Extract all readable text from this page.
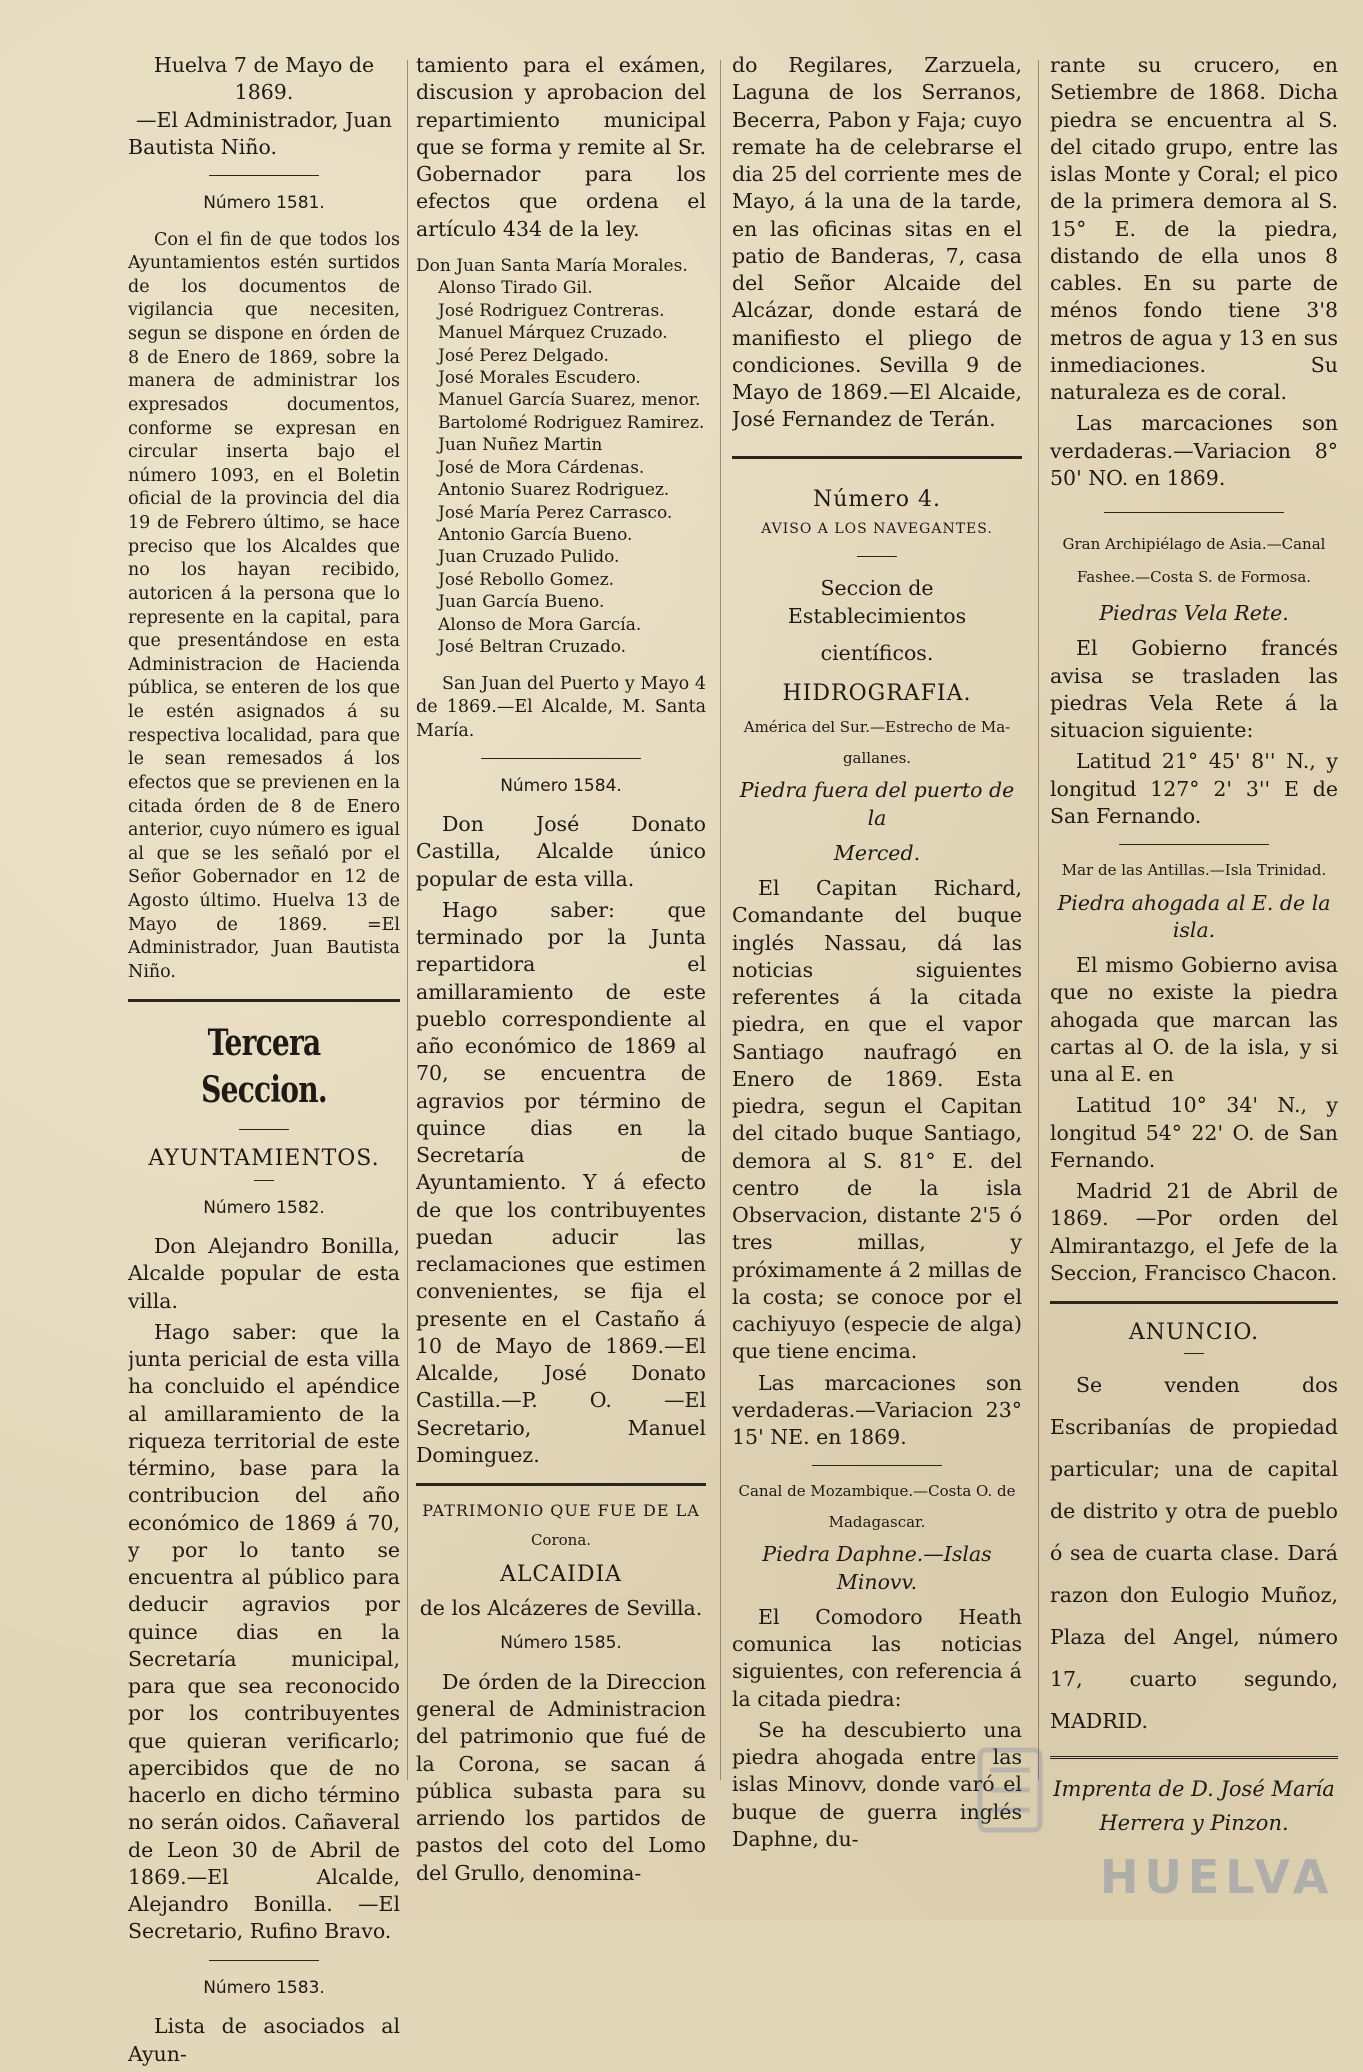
Huelva 7 de Mayo de 1869.

—El Administrador, Juan

Bautista Niño.

Número 1581.

Con el fin de que todos los Ayuntamientos estén surtidos de los documentos de vigilancia que necesiten, segun se dispone en órden de 8 de Enero de 1869, sobre la manera de administrar los expresados documentos, conforme se expresan en circular inserta bajo el número 1093, en el Boletin oficial de la provincia del dia 19 de Febrero último, se hace preciso que los Alcaldes que no los hayan recibido, autoricen á la persona que lo represente en la capital, para que presentándose en esta Administracion de Hacienda pública, se enteren de los que le estén asignados á su respectiva localidad, para que le sean remesados á los efectos que se previenen en la citada órden de 8 de Enero anterior, cuyo número es igual al que se les señaló por el Señor Gobernador en 12 de Agosto último. Huelva 13 de Mayo de 1869. =El Administrador, Juan Bautista Niño.

Tercera Seccion.
AYUNTAMIENTOS.
Número 1582.

Don Alejandro Bonilla, Alcalde popular de esta villa.

Hago saber: que la junta pericial de esta villa ha concluido el apéndice al amillaramiento de la riqueza territorial de este término, base para la contribucion del año económico de 1869 á 70, y por lo tanto se encuentra al público para deducir agravios por quince dias en la Secretaría municipal, para que sea reconocido por los contribuyentes que quieran verificarlo; apercibidos que de no hacerlo en dicho término no serán oidos. Cañaveral de Leon 30 de Abril de 1869.—El Alcalde, Alejandro Bonilla. —El Secretario, Rufino Bravo.

Número 1583.

Lista de asociados al Ayun-

tamiento para el exámen, discusion y aprobacion del repartimiento municipal que se forma y remite al Sr. Gobernador para los efectos que ordena el artículo 434 de la ley.

Don Juan Santa María Morales.

Alonso Tirado Gil.

José Rodriguez Contreras.

Manuel Márquez Cruzado.

José Perez Delgado.

José Morales Escudero.

Manuel García Suarez, menor.

Bartolomé Rodriguez Ramirez.

Juan Nuñez Martin

José de Mora Cárdenas.

Antonio Suarez Rodriguez.

José María Perez Carrasco.

Antonio García Bueno.

Juan Cruzado Pulido.

José Rebollo Gomez.

Juan García Bueno.

Alonso de Mora García.

José Beltran Cruzado.

San Juan del Puerto y Mayo 4 de 1869.—El Alcalde, M. Santa María.

Número 1584.

Don José Donato Castilla, Alcalde único popular de esta villa.

Hago saber: que terminado por la Junta repartidora el amillaramiento de este pueblo correspondiente al año económico de 1869 al 70, se encuentra de agravios por término de quince dias en la Secretaría de Ayuntamiento. Y á efecto de que los contribuyentes puedan aducir las reclamaciones que estimen convenientes, se fija el presente en el Castaño á 10 de Mayo de 1869.—El Alcalde, José Donato Castilla.—P. O. —El Secretario, Manuel Dominguez.

PATRIMONIO QUE FUE DE LA
Corona.
ALCAIDIA
de los Alcázeres de Sevilla.
Número 1585.

De órden de la Direccion general de Administracion del patrimonio que fué de la Corona, se sacan á pública subasta para su arriendo los partidos de pastos del coto del Lomo del Grullo, denomina-

do Regilares, Zarzuela, Laguna de los Serranos, Becerra, Pabon y Faja; cuyo remate ha de celebrarse el dia 25 del corriente mes de Mayo, á la una de la tarde, en las oficinas sitas en el patio de Banderas, 7, casa del Señor Alcaide del Alcázar, donde estará de manifiesto el pliego de condiciones. Sevilla 9 de Mayo de 1869.—El Alcaide, José Fernandez de Terán.

Número 4.
AVISO A LOS NAVEGANTES.
Seccion de Establecimientos
científicos.
HIDROGRAFIA.
América del Sur.—Estrecho de Ma-
gallanes.
Piedra fuera del puerto de la
Merced.

El Capitan Richard, Comandante del buque inglés Nassau, dá las noticias siguientes referentes á la citada piedra, en que el vapor Santiago naufragó en Enero de 1869. Esta piedra, segun el Capitan del citado buque Santiago, demora al S. 81° E. del centro de la isla Observacion, distante 2'5 ó tres millas, y próximamente á 2 millas de la costa; se conoce por el cachiyuyo (especie de alga) que tiene encima.

Las marcaciones son verdaderas.—Variacion 23° 15' NE. en 1869.

Canal de Mozambique.—Costa O. de
Madagascar.
Piedra Daphne.—Islas Minovv.

El Comodoro Heath comunica las noticias siguientes, con referencia á la citada piedra:

Se ha descubierto una piedra ahogada entre las islas Minovv, donde varó el buque de guerra inglés Daphne, du-

rante su crucero, en Setiembre de 1868. Dicha piedra se encuentra al S. del citado grupo, entre las islas Monte y Coral; el pico de la primera demora al S. 15° E. de la piedra, distando de ella unos 8 cables. En su parte de ménos fondo tiene 3'8 metros de agua y 13 en sus inmediaciones. Su naturaleza es de coral.

Las marcaciones son verdaderas.—Variacion 8° 50' NO. en 1869.

Gran Archipiélago de Asia.—Canal
Fashee.—Costa S. de Formosa.
Piedras Vela Rete.

El Gobierno francés avisa se trasladen las piedras Vela Rete á la situacion siguiente:

Latitud 21° 45' 8'' N., y longitud 127° 2' 3'' E de San Fernando.

Mar de las Antillas.—Isla Trinidad.
Piedra ahogada al E. de la isla.

El mismo Gobierno avisa que no existe la piedra ahogada que marcan las cartas al O. de la isla, y si una al E. en

Latitud 10° 34' N., y longitud 54° 22' O. de San Fernando.

Madrid 21 de Abril de 1869. —Por orden del Almirantazgo, el Jefe de la Seccion, Francisco Chacon.

ANUNCIO.

Se venden dos Escribanías de propiedad particular; una de capital de distrito y otra de pueblo ó sea de cuarta clase. Dará razon don Eulogio Muñoz, Plaza del Angel, número 17, cuarto segundo, MADRID.

Imprenta de D. José María
Herrera y Pinzon.
HUELVA
